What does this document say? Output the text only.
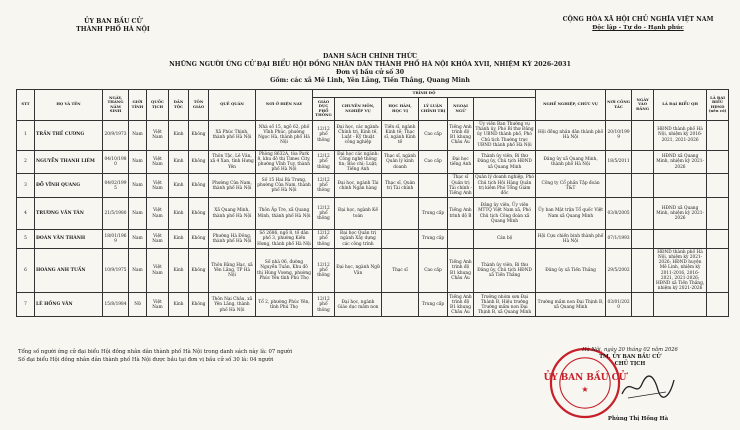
ỦY BAN BẦU CỬ
THÀNH PHỐ HÀ NỘI
CỘNG HÒA XÃ HỘI CHỦ NGHĨA VIỆT NAM
Độc lập - Tự do - Hạnh phúc
DANH SÁCH CHÍNH THỨC
NHỮNG NGƯỜI ỨNG CỬ ĐẠI BIỂU HỘI ĐỒNG NHÂN DÂN THÀNH PHỐ HÀ NỘI KHÓA XVII, NHIỆM KỲ 2026-2031
Đơn vị bầu cử số 30
Gồm: các xã Mê Linh, Yên Lãng, Tiến Thắng, Quang Minh
STT	HỌ VÀ TÊN	NGÀY, THÁNG NĂM SINH	GIỚI TÍNH	QUỐC TỊCH	DÂN TỘC	TÔN GIÁO	QUÊ QUÁN	NƠI Ở HIỆN NAY	TRÌNH ĐỘ						NGHỀ NGHIỆP, CHỨC VỤ	NƠI CÔNG TÁC	NGÀY VÀO ĐẢNG	LÀ ĐẠI BIỂU QH	LÀ ĐẠI BIỂU HĐND (nếu có)	
									GIÁO DỤC PHỔ THÔNG	CHUYÊN MÔN, NGHIỆP VỤ	HỌC HÀM, HỌC VỊ	LÝ LUẬN CHÍNH TRỊ	NGOẠI NGỮ						
1	TRẦN THẾ CƯƠNG	20/9/1973	Nam	Việt Nam	Kinh	Không	Xã Phúc Thịnh, thành phố Hà Nội	Nhà số 15, ngõ 62, phố Vĩnh Phúc, phường Ngọc Hà, thành phố Hà Nội	12/12 phổ thông	Đại học, các ngành: Chính trị, Kinh tế, Luật - Kỹ thuật công nghiệp	Tiến sĩ, ngành Kinh tế; Thạc sĩ, ngành Kinh tế	Cao cấp	Tiếng Anh trình độ B1 khung Châu Âu	Ủy viên Ban Thường vụ Thành ủy, Phó Bí thư Đảng ủy UBND thành phố, Phó Chủ tịch Thường trực UBND thành phố Hà Nội	Hội đồng nhân dân thành phố Hà Nội	20/10/1999		HĐND thành phố Hà Nội, nhiệm kỳ 2016-2021, 2021-2026		
2	NGUYỄN THANH LIÊM	04/10/1980	Nam	Việt Nam	Kinh	Không	Thôn Tậc, Lê Văn, xã 4 Xan, tỉnh Hưng Yên	Phòng 8632A, tòa Park 8, khu đô thị Times City, phường Vĩnh Tuy, thành phố Hà Nội	12/12 phổ thông	Đại học các ngành: Công nghệ thông tin; Báo chí; Luật; Tiếng Anh	Thạc sĩ, ngành Quản lý kinh doanh	Cao cấp	Đại học tiếng Anh	Thành ủy viên, Bí thư Đảng ủy, Chủ tịch HĐND xã Quang Minh	Đảng ủy xã Quang Minh, thành phố Hà Nội	18/5/2011		HĐND xã Quang Minh, nhiệm kỳ 2021-2026		
3	ĐỖ VĨNH QUANG	04/02/1995	Nam	Việt Nam	Kinh	Không	Phường Cửa Nam, thành phố Hà Nội	Số 15 Hai Bà Trưng, phường Cửa Nam, thành phố Hà Nội	12/12 phổ thông	Đại học, ngành Tài chính Ngân hàng	Thạc sĩ, Quản trị Tài chính		Thạc sĩ Quản trị Tài chính - Tiếng Anh	Quản lý doanh nghiệp, Phó Chủ tịch Hội Hàng Quản trị kiêm Phó Tổng Giám đốc	Công ty Cổ phần Tập đoàn T&T					
4	TRƯƠNG VĂN TÂN	21/5/1980	Nam	Việt Nam	Kinh	Không	Xã Quang Minh, thành phố Hà Nội	Thôn Ấp Tre, xã Quang Minh, thành phố Hà Nội	12/12 phổ thông	Đại học, ngành Kế toán		Trung cấp	Tiếng Anh trình độ B	Đảng ủy viên, Ủy viên MTTQ Việt Nam xã, Phó Chủ tịch Công đoàn xã Quang Minh	Ủy ban Mặt trận Tổ quốc Việt Nam xã Quang Minh	03/8/2005		HĐND xã Quang Minh, nhiệm kỳ 2021-2026		
5	ĐOÀN VĂN THÀNH	18/01/1969	Nam	Việt Nam	Kinh	Không	Phường Hà Đông, thành phố Hà Nội	Số 2686, ngõ 8, tổ dân phố 3, phường Kiến Hưng, thành phố Hà Nội	12/12 phổ thông	Đại học Quản trị ngành Xây dựng các công trình		Trung cấp		Cán bộ	Hội Cựu chiến binh thành phố Hà Nội	07/1/1993				
6	HOÀNG ANH TUẤN	10/9/1975	Nam	Việt Nam	Kinh	Không	Thôn Bằng Hạc, xã Yên Lãng, TP Hà Nội	Số nhà 06, đường Nguyễn Tuân, Khu đô thị Hùng Vương, phường Phúc Yên tỉnh Phú Thọ	12/12 phổ thông	Đại học, ngành Ngữ Văn	Thạc sĩ	Cao cấp	Tiếng Anh trình độ B1 khung Châu Âu	Thành ủy viên, Bí thư Đảng ủy, Chủ tịch HĐND xã Tiến Thắng	Đảng ủy xã Tiến Thắng	29/5/2002		HĐND thành phố Hà Nội, nhiệm kỳ 2021-2026; HĐND huyện Mê Linh, nhiệm kỳ 2011-2016, 2016-2021, 2021-2026; HĐND xã Tiến Thắng, nhiệm kỳ 2021-2026		
7	LÊ HỒNG VÂN	15/8/1984	Nữ	Việt Nam	Kinh	Không	Thôn Nại Châu, xã Yên Lãng, thành phố Hà Nội	Tổ 2, phường Phúc Yên, tỉnh Phú Thọ	12/12 phổ thông	Đại học, ngành Giáo dục mầm non		Trung cấp	Tiếng Anh trình độ B1 khung Châu Âu	Trưởng nhóm sơn Đại Thành B, Hiệu trưởng Trường mầm non Đại Thịnh B, xã Quang Minh	Trường mầm non Đại Thịnh B, xã Quang Minh	03/01/2020				
Tổng số người ứng cử đại biểu Hội đồng nhân dân thành phố Hà Nội trong danh sách này là: 07 người
Số đại biểu Hội đồng nhân dân thành phố Hà Nội được bầu tại đơn vị bầu cử số 30 là: 04 người
ỦY BAN BẦU CỬ
★
Hà Nội, ngày 20 tháng 02 năm 2026
TM. ỦY BAN BẦU CỬ
CHỦ TỊCH
Phùng Thị Hồng Hà
